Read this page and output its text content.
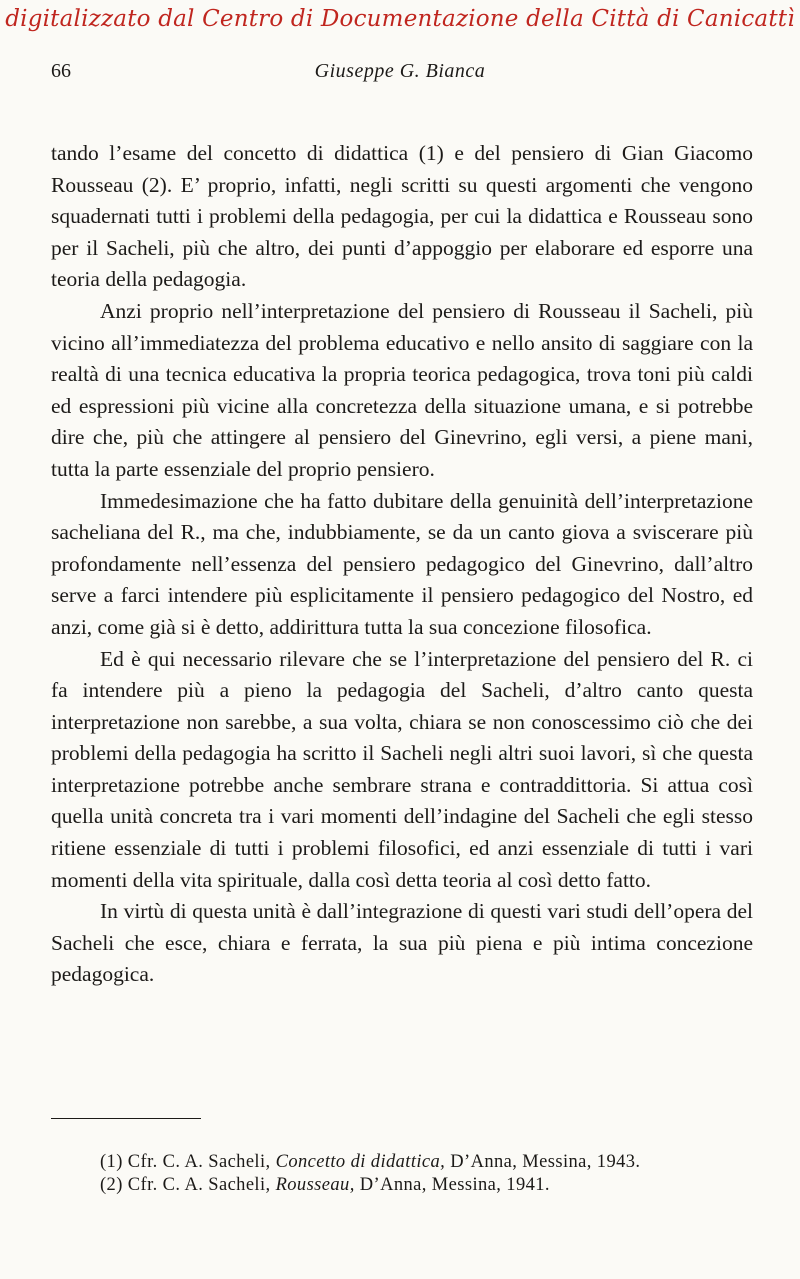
digitalizzato dal Centro di Documentazione della Città di Canicattì
66	Giuseppe G. Bianca

tando l’esame del concetto di didattica (1) e del pensiero di Gian Giacomo Rousseau (2). E’ proprio, infatti, negli scritti su questi argomenti che vengono squadernati tutti i problemi della pedagogia, per cui la didattica e Rousseau sono per il Sacheli, più che altro, dei punti d’appoggio per elaborare ed esporre una teoria della pedagogia.

Anzi proprio nell’interpretazione del pensiero di Rousseau il Sacheli, più vicino all’immediatezza del problema educativo e nello ansito di saggiare con la realtà di una tecnica educativa la propria teorica pedagogica, trova toni più caldi ed espressioni più vicine alla concretezza della situazione umana, e si potrebbe dire che, più che attingere al pensiero del Ginevrino, egli versi, a piene mani, tutta la parte essenziale del proprio pensiero.

Immedesimazione che ha fatto dubitare della genuinità dell’interpretazione sacheliana del R., ma che, indubbiamente, se da un canto giova a sviscerare più profondamente nell’essenza del pensiero pedagogico del Ginevrino, dall’altro serve a farci intendere più esplicitamente il pensiero pedagogico del Nostro, ed anzi, come già si è detto, addirittura tutta la sua concezione filosofica.

Ed è qui necessario rilevare che se l’interpretazione del pensiero del R. ci fa intendere più a pieno la pedagogia del Sacheli, d’altro canto questa interpretazione non sarebbe, a sua volta, chiara se non conoscessimo ciò che dei problemi della pedagogia ha scritto il Sacheli negli altri suoi lavori, sì che questa interpretazione potrebbe anche sembrare strana e contraddittoria. Si attua così quella unità concreta tra i vari momenti dell’indagine del Sacheli che egli stesso ritiene essenziale di tutti i problemi filosofici, ed anzi essenziale di tutti i vari momenti della vita spirituale, dalla così detta teoria al così detto fatto.

In virtù di questa unità è dall’integrazione di questi vari studi dell’opera del Sacheli che esce, chiara e ferrata, la sua più piena e più intima concezione pedagogica.

(1) Cfr. C. A. Sacheli, Concetto di didattica, D’Anna, Messina, 1943.

(2) Cfr. C. A. Sacheli, Rousseau, D’Anna, Messina, 1941.
